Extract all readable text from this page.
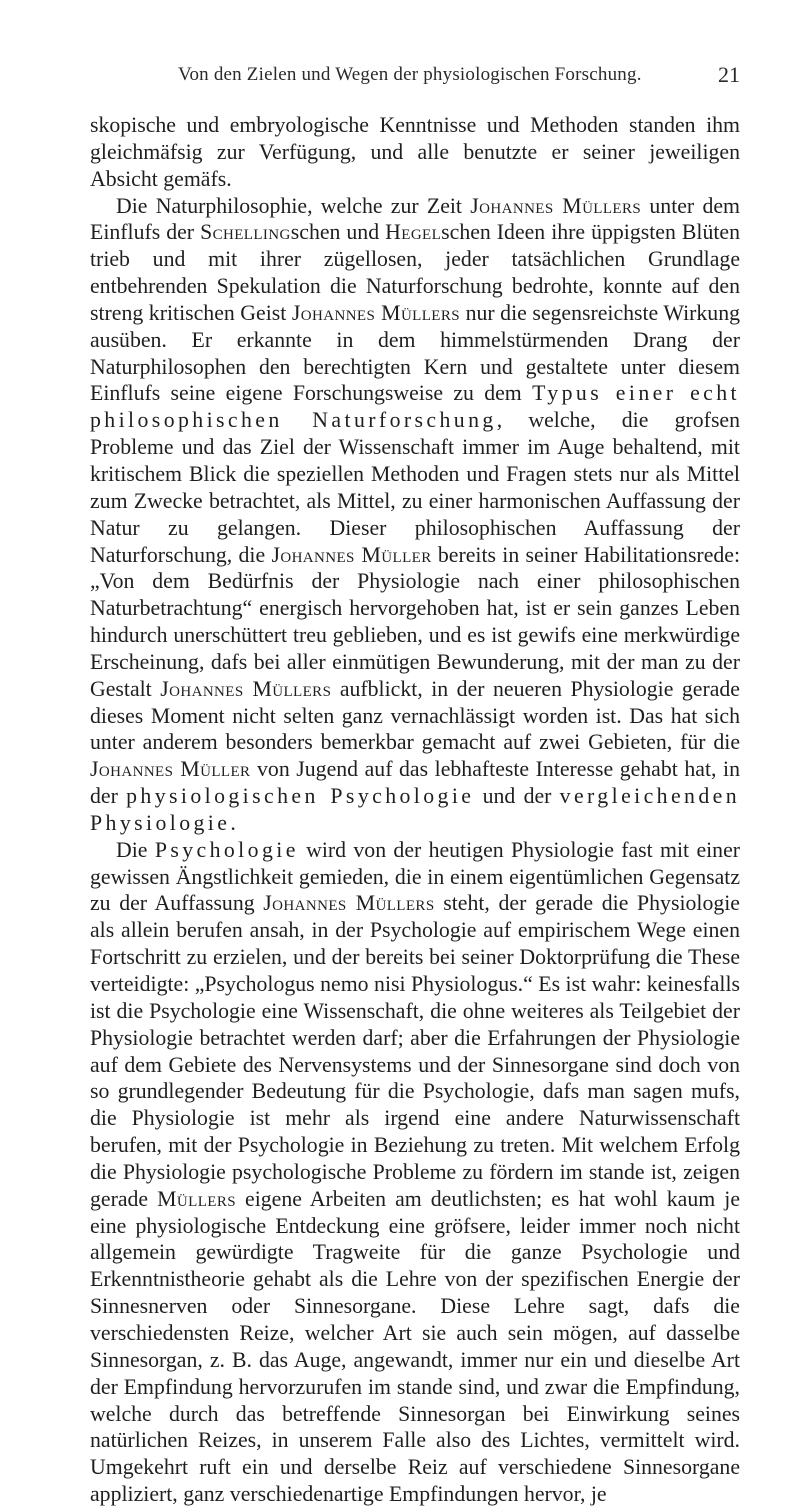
Von den Zielen und Wegen der physiologischen Forschung.	21

skopische und embryologische Kenntnisse und Methoden standen ihm gleichmäfsig zur Verfügung, und alle benutzte er seiner jeweiligen Absicht gemäfs.

Die Naturphilosophie, welche zur Zeit Johannes Müllers unter dem Einflufs der Schellingschen und Hegelschen Ideen ihre üppigsten Blüten trieb und mit ihrer zügellosen, jeder tatsächlichen Grundlage entbehrenden Spekulation die Naturforschung bedrohte, konnte auf den streng kritischen Geist Johannes Müllers nur die segensreichste Wirkung ausüben. Er erkannte in dem himmelstürmenden Drang der Naturphilosophen den berechtigten Kern und gestaltete unter diesem Einflufs seine eigene Forschungsweise zu dem Typus einer echt philosophischen Naturforschung, welche, die grofsen Probleme und das Ziel der Wissenschaft immer im Auge behaltend, mit kritischem Blick die speziellen Methoden und Fragen stets nur als Mittel zum Zwecke betrachtet, als Mittel, zu einer harmonischen Auffassung der Natur zu gelangen. Dieser philosophischen Auffassung der Naturforschung, die Johannes Müller bereits in seiner Habilitationsrede: „Von dem Bedürfnis der Physiologie nach einer philosophischen Naturbetrachtung“ energisch hervorgehoben hat, ist er sein ganzes Leben hindurch unerschüttert treu geblieben, und es ist gewifs eine merkwürdige Erscheinung, dafs bei aller einmütigen Bewunderung, mit der man zu der Gestalt Johannes Müllers aufblickt, in der neueren Physiologie gerade dieses Moment nicht selten ganz vernachlässigt worden ist. Das hat sich unter anderem besonders bemerkbar gemacht auf zwei Gebieten, für die Johannes Müller von Jugend auf das lebhafteste Interesse gehabt hat, in der physiologischen Psychologie und der vergleichenden Physiologie.

Die Psychologie wird von der heutigen Physiologie fast mit einer gewissen Ängstlichkeit gemieden, die in einem eigentümlichen Gegensatz zu der Auffassung Johannes Müllers steht, der gerade die Physiologie als allein berufen ansah, in der Psychologie auf empirischem Wege einen Fortschritt zu erzielen, und der bereits bei seiner Doktorprüfung die These verteidigte: „Psychologus nemo nisi Physiologus.“ Es ist wahr: keinesfalls ist die Psychologie eine Wissenschaft, die ohne weiteres als Teilgebiet der Physiologie betrachtet werden darf; aber die Erfahrungen der Physiologie auf dem Gebiete des Nervensystems und der Sinnesorgane sind doch von so grundlegender Bedeutung für die Psychologie, dafs man sagen mufs, die Physiologie ist mehr als irgend eine andere Naturwissenschaft berufen, mit der Psychologie in Beziehung zu treten. Mit welchem Erfolg die Physiologie psychologische Probleme zu fördern im stande ist, zeigen gerade Müllers eigene Arbeiten am deutlichsten; es hat wohl kaum je eine physiologische Entdeckung eine gröfsere, leider immer noch nicht allgemein gewürdigte Tragweite für die ganze Psychologie und Erkenntnistheorie gehabt als die Lehre von der spezifischen Energie der Sinnesnerven oder Sinnesorgane. Diese Lehre sagt, dafs die verschiedensten Reize, welcher Art sie auch sein mögen, auf dasselbe Sinnesorgan, z. B. das Auge, angewandt, immer nur ein und dieselbe Art der Empfindung hervorzurufen im stande sind, und zwar die Empfindung, welche durch das betreffende Sinnesorgan bei Einwirkung seines natürlichen Reizes, in unserem Falle also des Lichtes, vermittelt wird. Umgekehrt ruft ein und derselbe Reiz auf verschiedene Sinnesorgane appliziert, ganz verschiedenartige Empfindungen hervor, je
